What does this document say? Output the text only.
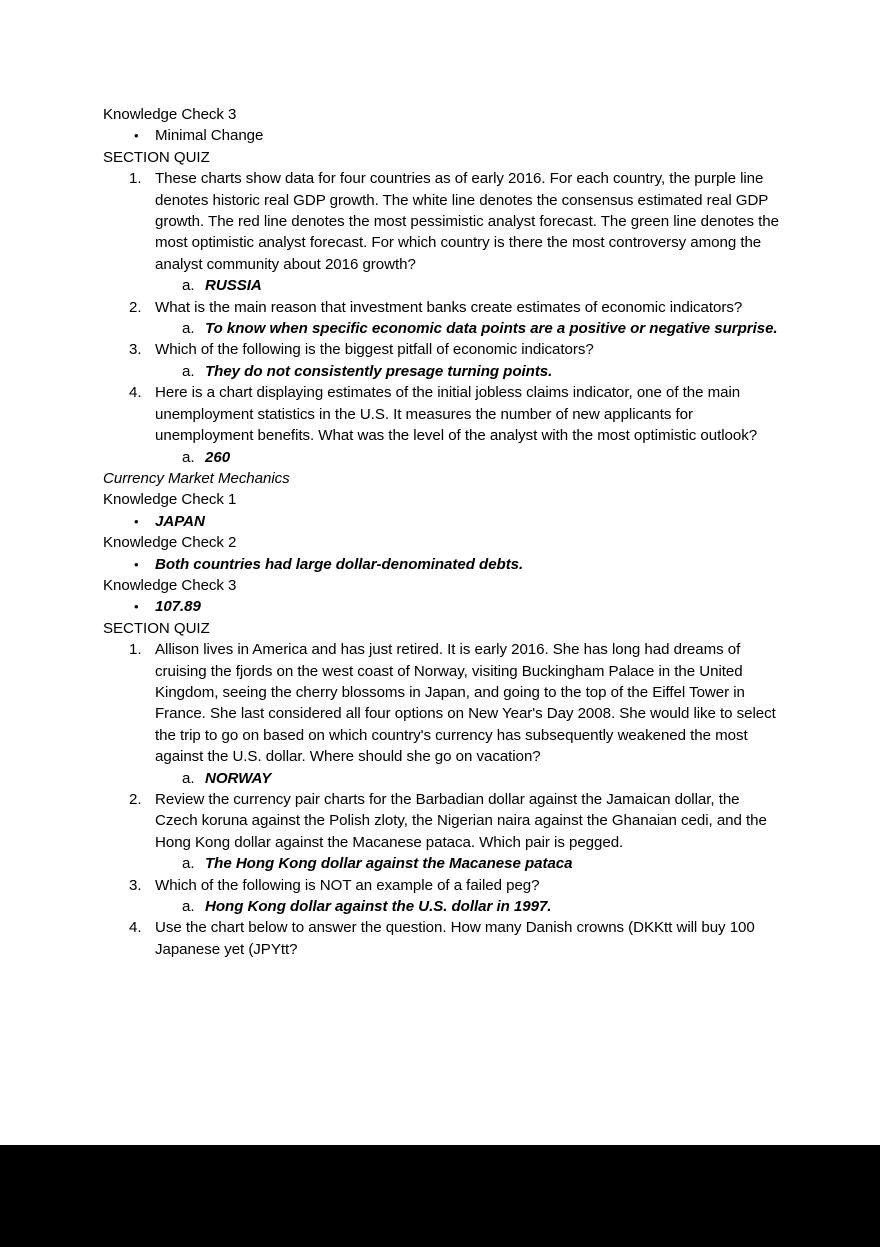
Knowledge Check 3

• Minimal Change

SECTION QUIZ

1. These charts show data for four countries as of early 2016. For each country, the purple line denotes historic real GDP growth. The white line denotes the consensus estimated real GDP growth. The red line denotes the most pessimistic analyst forecast. The green line denotes the most optimistic analyst forecast. For which country is there the most controversy among the analyst community about 2016 growth?
a. RUSSIA
2. What is the main reason that investment banks create estimates of economic indicators?
a. To know when specific economic data points are a positive or negative surprise.
3. Which of the following is the biggest pitfall of economic indicators?
a. They do not consistently presage turning points.
4. Here is a chart displaying estimates of the initial jobless claims indicator, one of the main unemployment statistics in the U.S. It measures the number of new applicants for unemployment benefits. What was the level of the analyst with the most optimistic outlook?
a. 260

Currency Market Mechanics

Knowledge Check 1

• JAPAN

Knowledge Check 2

• Both countries had large dollar-denominated debts.

Knowledge Check 3

• 107.89

SECTION QUIZ

1. Allison lives in America and has just retired. It is early 2016. She has long had dreams of cruising the fjords on the west coast of Norway, visiting Buckingham Palace in the United Kingdom, seeing the cherry blossoms in Japan, and going to the top of the Eiffel Tower in France. She last considered all four options on New Year's Day 2008. She would like to select the trip to go on based on which country's currency has subsequently weakened the most against the U.S. dollar. Where should she go on vacation?
a. NORWAY
2. Review the currency pair charts for the Barbadian dollar against the Jamaican dollar, the Czech koruna against the Polish zloty, the Nigerian naira against the Ghanaian cedi, and the Hong Kong dollar against the Macanese pataca. Which pair is pegged.
a. The Hong Kong dollar against the Macanese pataca
3. Which of the following is NOT an example of a failed peg?
a. Hong Kong dollar against the U.S. dollar in 1997.
4. Use the chart below to answer the question. How many Danish crowns (DKKtt will buy 100 Japanese yet (JPYtt?
